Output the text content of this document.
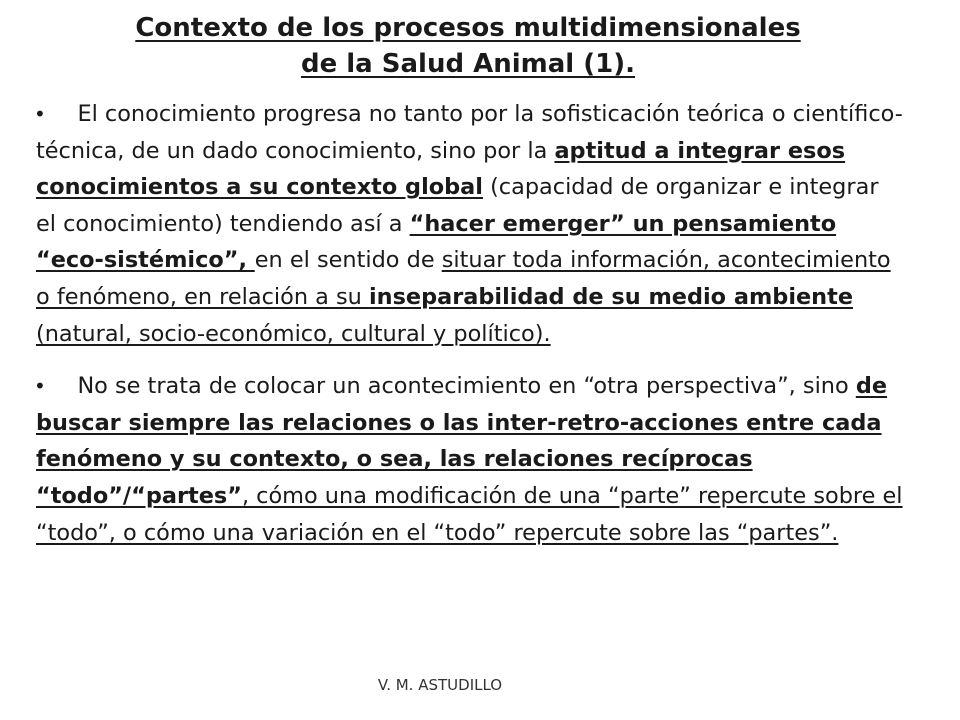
Contexto de los procesos multidimensionales
de la Salud Animal (1).
• El conocimiento progresa no tanto por la sofisticación teórica o científico-técnica, de un dado conocimiento, sino por la aptitud a integrar esos conocimientos a su contexto global (capacidad de organizar e integrar el conocimiento) tendiendo así a “hacer emerger” un pensamiento “eco-sistémico”, en el sentido de situar toda información, acontecimiento o fenómeno, en relación a su inseparabilidad de su medio ambiente (natural, socio-económico, cultural y político).
• No se trata de colocar un acontecimiento en “otra perspectiva”, sino de buscar siempre las relaciones o las inter-retro-acciones entre cada fenómeno y su contexto, o sea, las relaciones recíprocas “todo”/“partes”, cómo una modificación de una “parte” repercute sobre el “todo”, o cómo una variación en el “todo” repercute sobre las “partes”.
V. M. ASTUDILLO
